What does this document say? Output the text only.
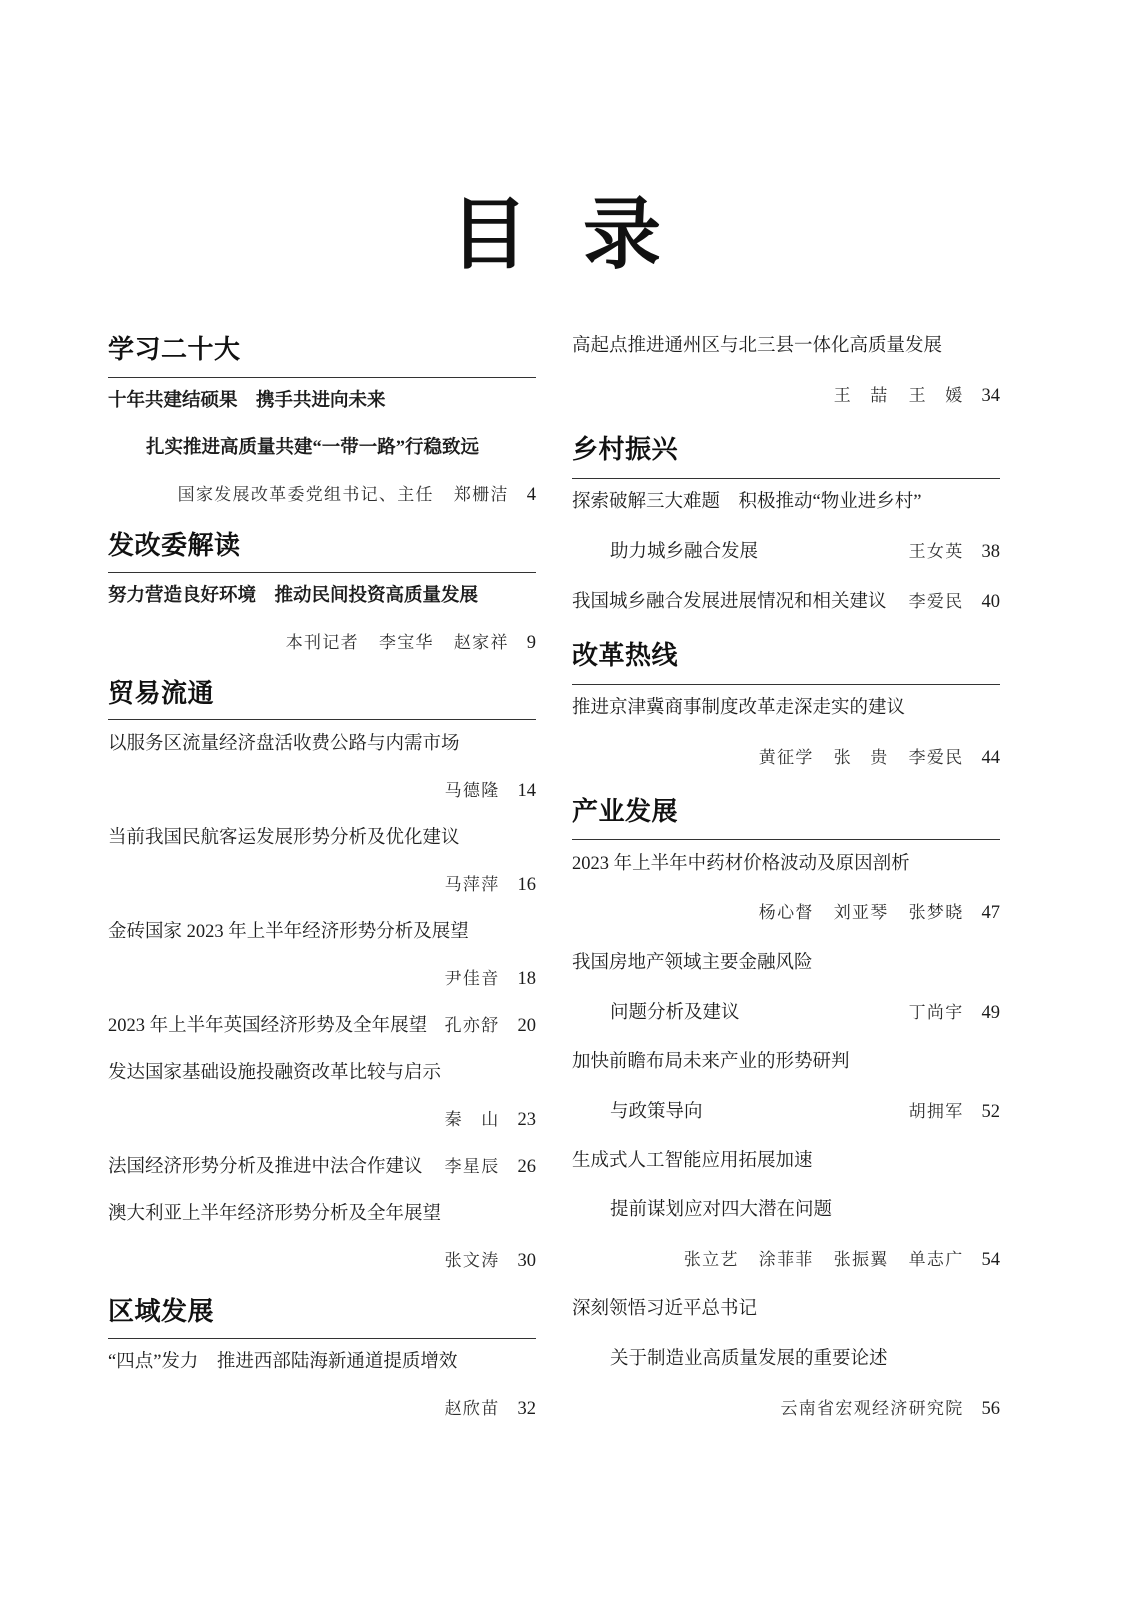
目录
学习二十大
十年共建结硕果　携手共进向未来
扎实推进高质量共建“一带一路”行稳致远
国家发展改革委党组书记、主任 郑栅洁 4
发改委解读
努力营造良好环境　推动民间投资高质量发展
本刊记者 李宝华 赵家祥 9
贸易流通
以服务区流量经济盘活收费公路与内需市场
马德隆 14
当前我国民航客运发展形势分析及优化建议
马萍萍 16
金砖国家 2023 年上半年经济形势分析及展望
尹佳音 18
2023 年上半年英国经济形势及全年展望 孔亦舒 20
发达国家基础设施投融资改革比较与启示
秦　山 23
法国经济形势分析及推进中法合作建议 李星辰 26
澳大利亚上半年经济形势分析及全年展望
张文涛 30
区域发展
“四点”发力　推进西部陆海新通道提质增效
赵欣苗 32
高起点推进通州区与北三县一体化高质量发展
王　喆 王　媛 34
乡村振兴
探索破解三大难题　积极推动“物业进乡村”
助力城乡融合发展	王女英 38
我国城乡融合发展进展情况和相关建议 李爱民 40
改革热线
推进京津冀商事制度改革走深走实的建议
黄征学 张　贵 李爱民 44
产业发展
2023 年上半年中药材价格波动及原因剖析
杨心督 刘亚琴 张梦晓 47
我国房地产领域主要金融风险
问题分析及建议	丁尚宇 49
加快前瞻布局未来产业的形势研判
与政策导向	胡拥军 52
生成式人工智能应用拓展加速
提前谋划应对四大潜在问题
张立艺 涂菲菲 张振翼 单志广 54
深刻领悟习近平总书记
关于制造业高质量发展的重要论述
云南省宏观经济研究院 56
